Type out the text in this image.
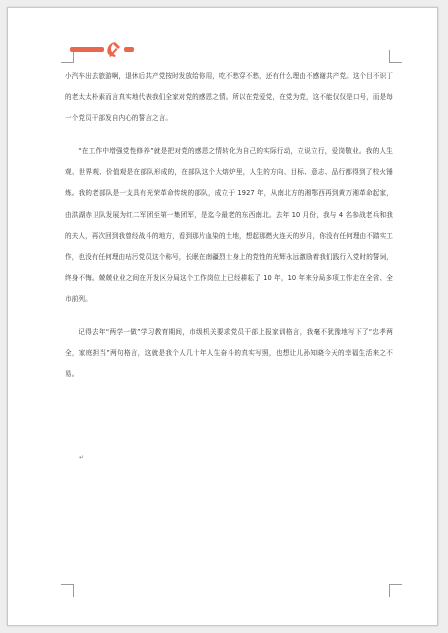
小汽车出去旅游啊，退休后共产党按时发放给你用，吃不愁穿不愁，还有什么理由不感谢共产党。这个目不识丁的老太太朴素而言真实地代表我们全家对党的感恩之情。所以在党爱党，在党为党，这不能仅仅是口号，而是每一个党员干部发自内心的誓言之言。

“在工作中增强党性修养”就是把对党的感恩之情转化为自己的实际行动，立说立行，爱岗敬业。我的人生观、世界观、价值观是在部队形成的，在部队这个大熔炉里，人生的方向、目标、意志、品行都得到了校火锤炼。我的老部队是一支具有光荣革命传统的部队，成立于 1927 年，从南北方的湘鄂西再到黄万湘革命起家，由洪湖赤卫队发展为红二军团至第一集团军，是迄今最老的东西南北。去年 10 月份，我与 4 名参战老兵和我的夫人，再次回到我曾经战斗的地方，看到那片血染的土地，想起那燃火连天的岁月，你没有任何理由不踏实工作，也没有任何理由玷污党员这个称号，长眠在南疆烈士身上的党性的光辉永远激励着我们践行入党时的誓词，终身不悔。兢兢业业之间在开发区分局这个工作岗位上已经耕耘了 10 年，10 年来分局多项工作走在全省、全市前列。

记得去年“两学一做”学习教育期间，市级机关要求党员干部上报家训格言，我毫不犹豫地写下了“忠孝两全，家庭担当”两句格言，这就是我个人几十年人生奋斗的真实写照，也想让儿孙知晓今天的幸福生活来之不易。

↵
